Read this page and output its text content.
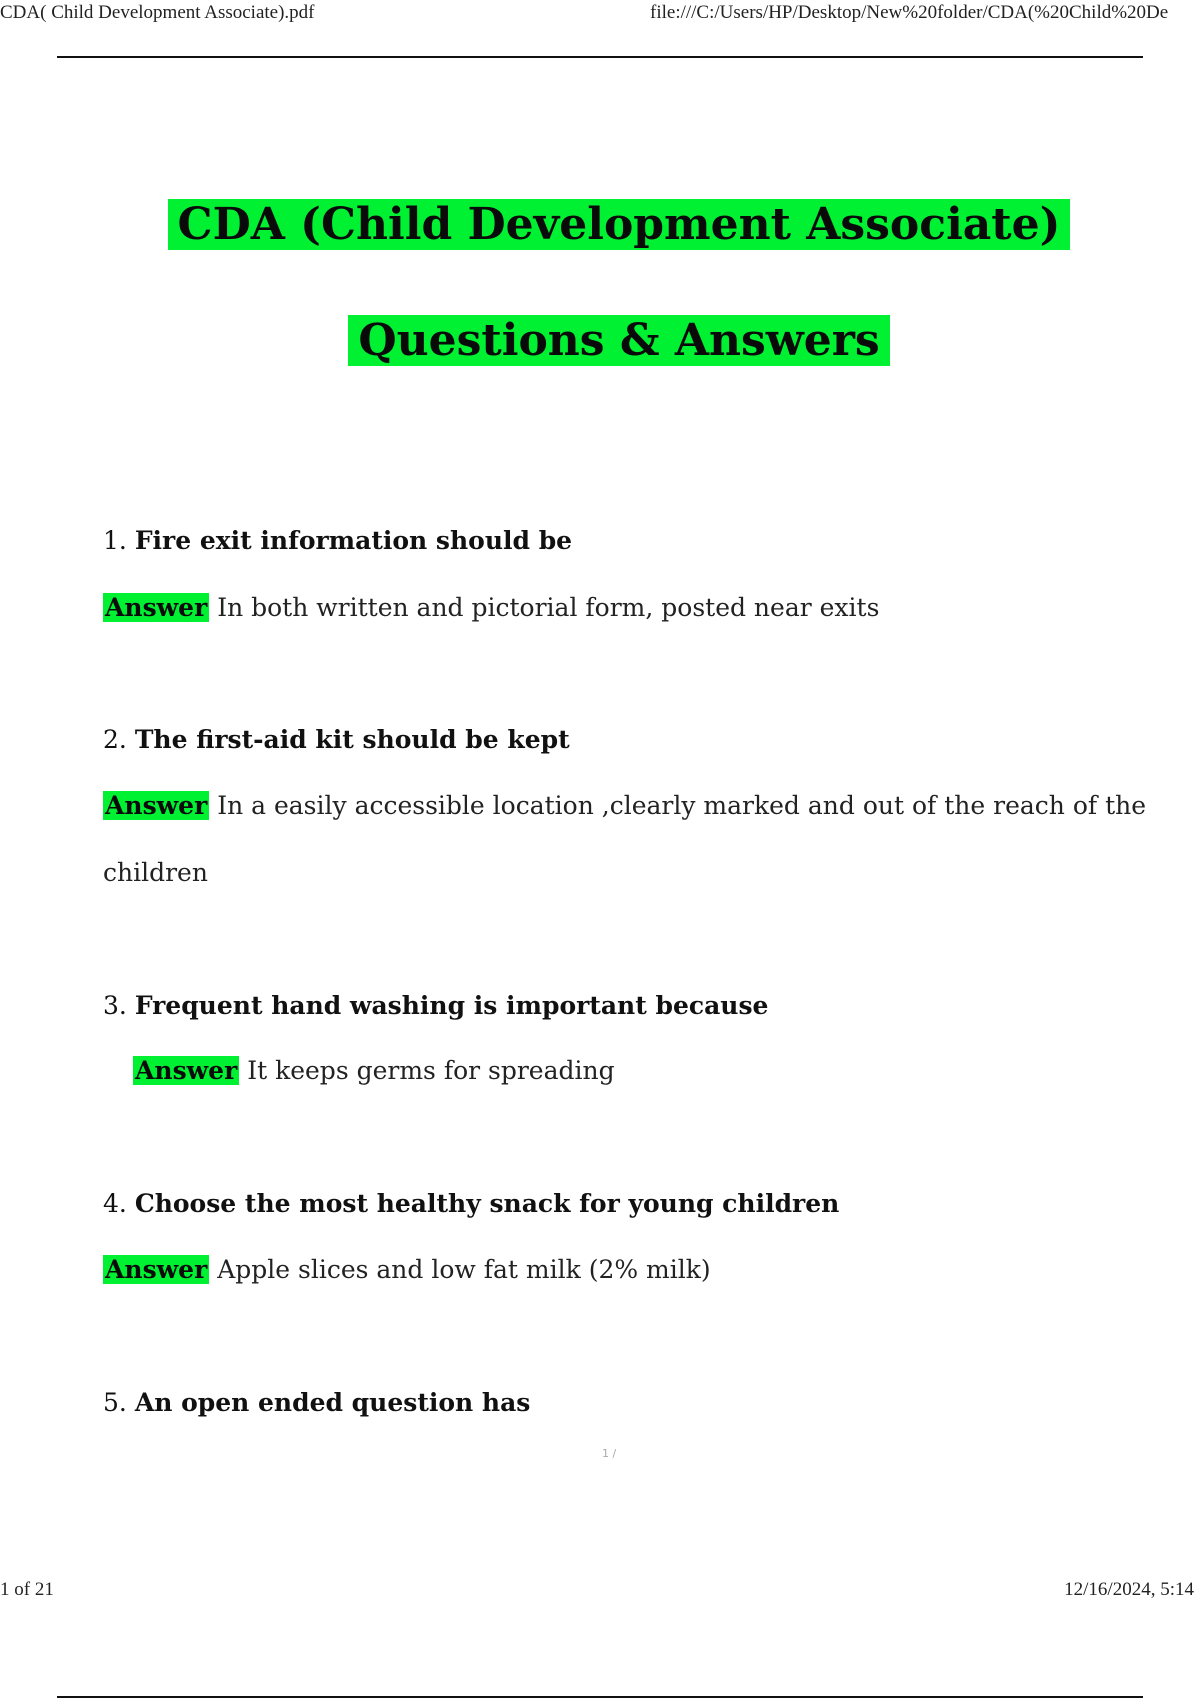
CDA( Child Development Associate).pdf	file:///C:/Users/HP/Desktop/New%20folder/CDA(%20Child%20De
CDA (Child Development Associate)
Questions & Answers
1. Fire exit information should be
Answer In both written and pictorial form, posted near exits
2. The first-aid kit should be kept
Answer In a easily accessible location ,clearly marked and out of the reach of the
children
3. Frequent hand washing is important because
Answer It keeps germs for spreading
4. Choose the most healthy snack for young children
Answer Apple slices and low fat milk (2% milk)
5. An open ended question has
1 /
1 of 21	12/16/2024, 5:14
